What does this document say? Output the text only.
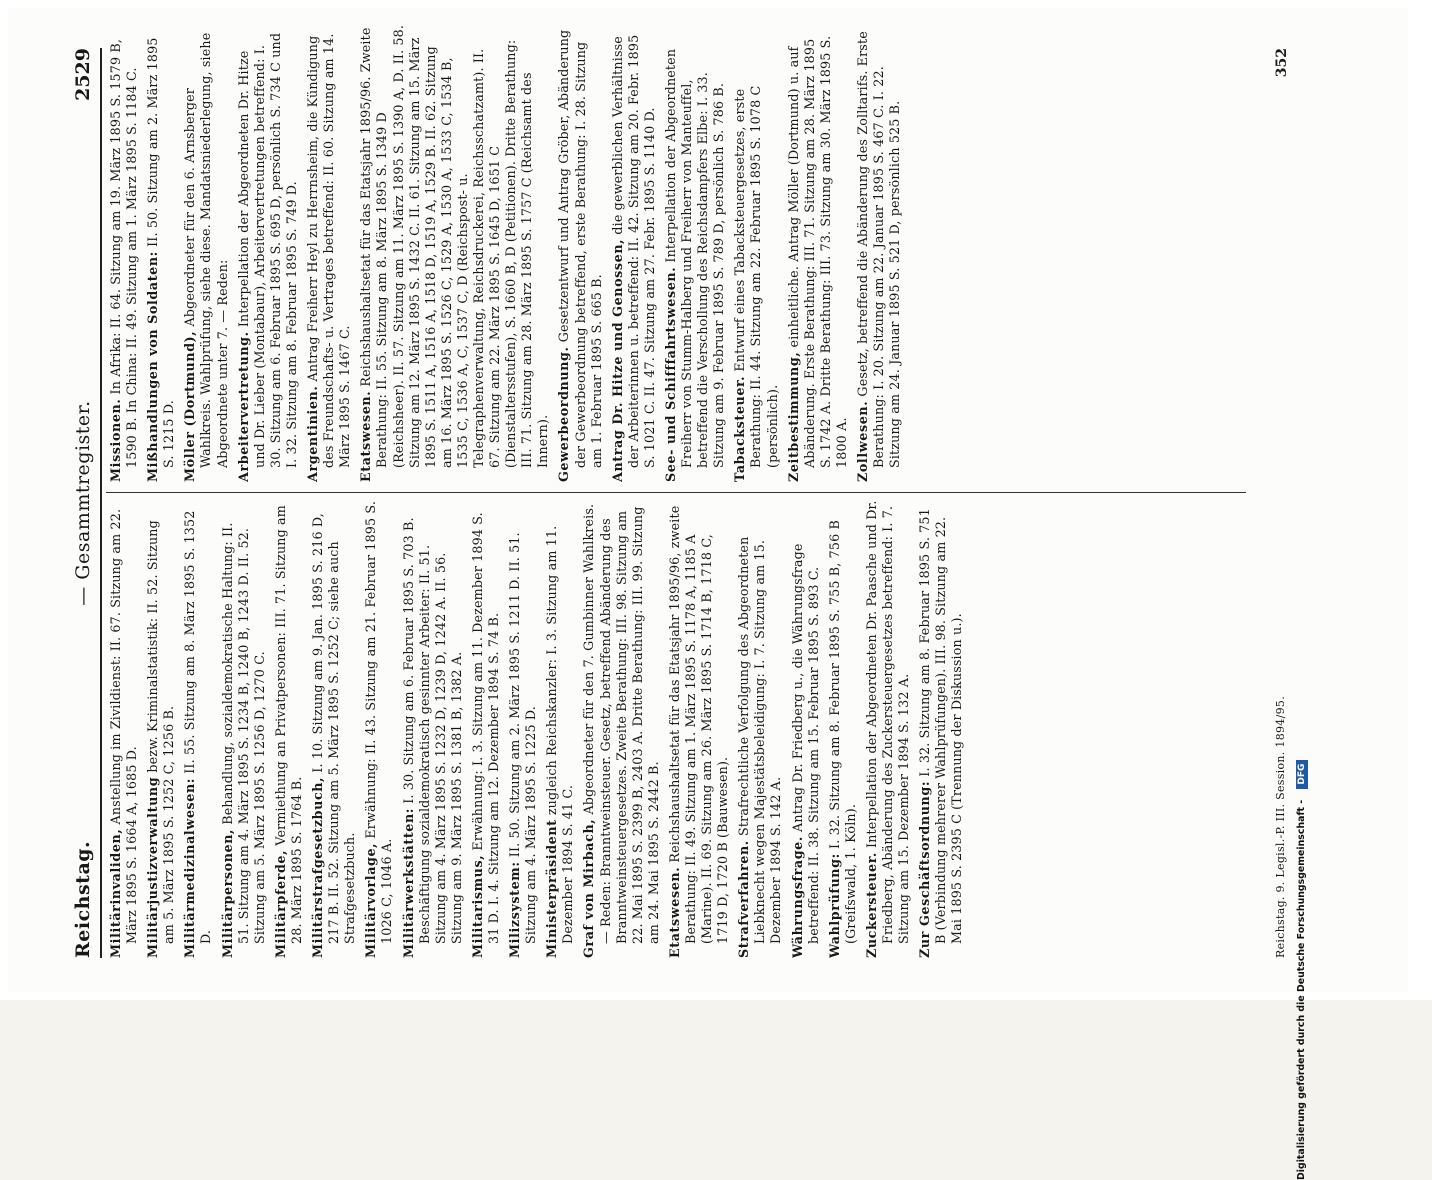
Reichstag.
— Gesammtregister.
2529
Militärinvaliden, Anstellung im Zivildienst: II. 67. Sitzung am 22. März 1895 S. 1664 A, 1685 D. Militärjustizverwaltung bezw. Kriminalstatistik: II. 52. Sitzung am 5. März 1895 S. 1252 C, 1256 B. Militärmedizinalwesen: II. 55. Sitzung am 8. März 1895 S. 1352 D. Militärpersonen, Behandlung, sozialdemokratische Haltung: II. 51. Sitzung am 4. März 1895 S. 1234 B, 1240 B, 1243 D. II. 52. Sitzung am 5. März 1895 S. 1256 D, 1270 C. Militärpferde, Vermiethung an Privatpersonen: III. 71. Sitzung am 28. März 1895 S. 1764 B. Militärstrafgesetzbuch, I. 10. Sitzung am 9. Jan. 1895 S. 216 D, 217 B. II. 52. Sitzung am 5. März 1895 S. 1252 C; siehe auch Strafgesetzbuch. Militärvorlage, Erwähnung: II. 43. Sitzung am 21. Februar 1895 S. 1026 C, 1046 A. Militärwerkstätten: I. 30. Sitzung am 6. Februar 1895 S. 703 B. Beschäftigung sozialdemokratisch gesinnter Arbeiter: II. 51. Sitzung am 4. März 1895 S. 1232 D, 1239 D, 1242 A. II. 56. Sitzung am 9. März 1895 S. 1381 B, 1382 A. Militarismus, Erwähnung: I. 3. Sitzung am 11. Dezember 1894 S. 31 D. I. 4. Sitzung am 12. Dezember 1894 S. 74 B. Milizsystem: II. 50. Sitzung am 2. März 1895 S. 1211 D. II. 51. Sitzung am 4. März 1895 S. 1225 D. Ministerpräsident zugleich Reichskanzler: I. 3. Sitzung am 11. Dezember 1894 S. 41 C. Graf von Mirbach, Abgeordneter für den 7. Gumbinner Wahlkreis. — Reden: Branntweinsteuer. Gesetz, betreffend Abänderung des Branntweinsteuergesetzes. Zweite Berathung: III. 98. Sitzung am 22. Mai 1895 S. 2399 B, 2403 A. Dritte Berathung: III. 99. Sitzung am 24. Mai 1895 S. 2442 B. Etatswesen. Reichshaushaltsetat für das Etatsjahr 1895/96, zweite Berathung: II. 49. Sitzung am 1. März 1895 S. 1178 A, 1185 A (Marine). II. 69. Sitzung am 26. März 1895 S. 1714 B, 1718 C, 1719 D, 1720 B (Bauwesen). Strafverfahren. Strafrechtliche Verfolgung des Abgeordneten Liebknecht wegen Majestätsbeleidigung: I. 7. Sitzung am 15. Dezember 1894 S. 142 A. Währungsfrage. Antrag Dr. Friedberg u., die Währungsfrage betreffend: II. 38. Sitzung am 15. Februar 1895 S. 893 C. Wahlprüfung: I. 32. Sitzung am 8. Februar 1895 S. 755 B, 756 B (Greifswald, 1. Köln). Zuckersteuer. Interpellation der Abgeordneten Dr. Paasche und Dr. Friedberg, Abänderung des Zuckersteuergesetzes betreffend: I. 7. Sitzung am 15. Dezember 1894 S. 132 A. Zur Geschäftsordnung: I. 32. Sitzung am 8. Februar 1895 S. 751 B (Verbindung mehrerer Wahlprüfungen). III. 98. Sitzung am 22. Mai 1895 S. 2395 C (Trennung der Diskussion u.).
Missionen. In Afrika: II. 64. Sitzung am 19. März 1895 S. 1579 B, 1590 B. In China: II. 49. Sitzung am 1. März 1895 S. 1184 C. Mißhandlungen von Soldaten: II. 50. Sitzung am 2. März 1895 S. 1215 D. Möller (Dortmund), Abgeordneter für den 6. Arnsberger Wahlkreis. Wahlprüfung, siehe diese. Mandatsniederlegung, siehe Abgeordnete unter 7. — Reden: Arbeitervertretung. Interpellation der Abgeordneten Dr. Hitze und Dr. Lieber (Montabaur), Arbeitervertretungen betreffend: I. 30. Sitzung am 6. Februar 1895 S. 695 D, persönlich S. 734 C und I. 32. Sitzung am 8. Februar 1895 S. 749 D. Argentinien. Antrag Freiherr Heyl zu Herrnsheim, die Kündigung des Freundschafts- u. Vertrages betreffend: II. 60. Sitzung am 14. März 1895 S. 1467 C. Etatswesen. Reichshaushaltsetat für das Etatsjahr 1895/96. Zweite Berathung: II. 55. Sitzung am 8. März 1895 S. 1349 D (Reichsheer). II. 57. Sitzung am 11. März 1895 S. 1390 A, D. II. 58. Sitzung am 12. März 1895 S. 1432 C. II. 61. Sitzung am 15. März 1895 S. 1511 A, 1516 A, 1518 D, 1519 A, 1529 B. II. 62. Sitzung am 16. März 1895 S. 1526 C, 1529 A, 1530 A, 1533 C, 1534 B, 1535 C, 1536 A, C, 1537 C, D (Reichspost- u. Telegraphenverwaltung, Reichsdruckerei, Reichsschatzamt). II. 67. Sitzung am 22. März 1895 S. 1645 D, 1651 C (Dienstaltersstufen), S. 1660 B, D (Petitionen). Dritte Berathung: III. 71. Sitzung am 28. März 1895 S. 1757 C (Reichsamt des Innern). Gewerbeordnung. Gesetzentwurf und Antrag Gröber, Abänderung der Gewerbeordnung betreffend, erste Berathung: I. 28. Sitzung am 1. Februar 1895 S. 665 B. Antrag Dr. Hitze und Genossen, die gewerblichen Verhältnisse der Arbeiterinnen u. betreffend: II. 42. Sitzung am 20. Febr. 1895 S. 1021 C. II. 47. Sitzung am 27. Febr. 1895 S. 1140 D. See- und Schifffahrtswesen. Interpellation der Abgeordneten Freiherr von Stumm-Halberg und Freiherr von Manteuffel, betreffend die Verschollung des Reichsdampfers Elbe: I. 33. Sitzung am 9. Februar 1895 S. 789 D, persönlich S. 786 B. Tabacksteuer. Entwurf eines Tabacksteuergesetzes, erste Berathung: II. 44. Sitzung am 22. Februar 1895 S. 1078 C (persönlich). Zeitbestimmung, einheitliche. Antrag Möller (Dortmund) u. auf Abänderung. Erste Berathung: III. 71. Sitzung am 28. März 1895 S. 1742 A. Dritte Berathung: III. 73. Sitzung am 30. März 1895 S. 1800 A. Zollwesen. Gesetz, betreffend die Abänderung des Zolltarifs. Erste Berathung: I. 20. Sitzung am 22. Januar 1895 S. 467 C. I. 22. Sitzung am 24. Januar 1895 S. 521 D, persönlich 525 B.
Reichstag. 9. Legisl.-P. III. Session. 1894/95.
352
Digitalisierung gefördert durch die Deutsche Forschungsgemeinschaft - DFG
